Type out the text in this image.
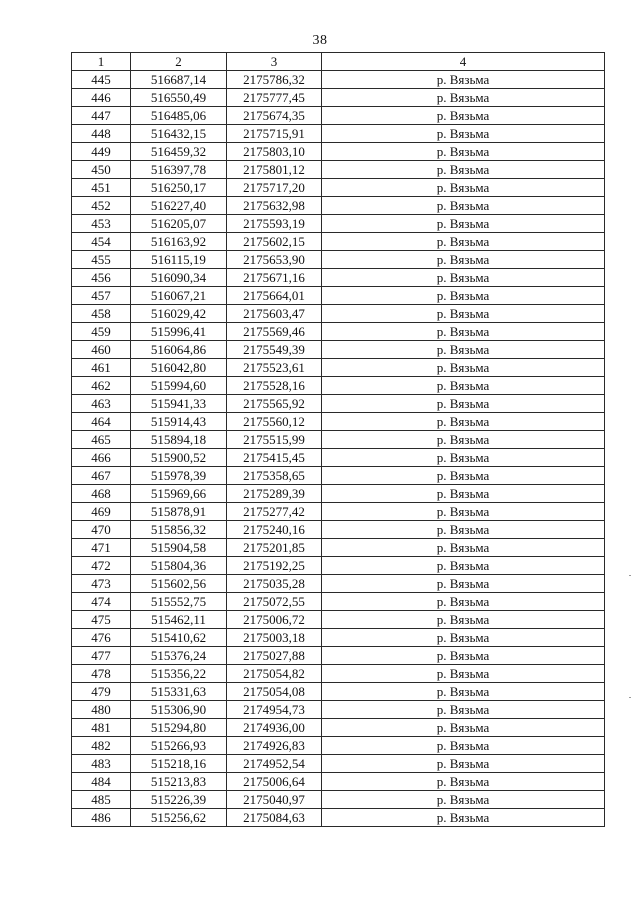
38
1	2	3	4
445	516687,14	2175786,32	р. Вязьма
446	516550,49	2175777,45	р. Вязьма
447	516485,06	2175674,35	р. Вязьма
448	516432,15	2175715,91	р. Вязьма
449	516459,32	2175803,10	р. Вязьма
450	516397,78	2175801,12	р. Вязьма
451	516250,17	2175717,20	р. Вязьма
452	516227,40	2175632,98	р. Вязьма
453	516205,07	2175593,19	р. Вязьма
454	516163,92	2175602,15	р. Вязьма
455	516115,19	2175653,90	р. Вязьма
456	516090,34	2175671,16	р. Вязьма
457	516067,21	2175664,01	р. Вязьма
458	516029,42	2175603,47	р. Вязьма
459	515996,41	2175569,46	р. Вязьма
460	516064,86	2175549,39	р. Вязьма
461	516042,80	2175523,61	р. Вязьма
462	515994,60	2175528,16	р. Вязьма
463	515941,33	2175565,92	р. Вязьма
464	515914,43	2175560,12	р. Вязьма
465	515894,18	2175515,99	р. Вязьма
466	515900,52	2175415,45	р. Вязьма
467	515978,39	2175358,65	р. Вязьма
468	515969,66	2175289,39	р. Вязьма
469	515878,91	2175277,42	р. Вязьма
470	515856,32	2175240,16	р. Вязьма
471	515904,58	2175201,85	р. Вязьма
472	515804,36	2175192,25	р. Вязьма
473	515602,56	2175035,28	р. Вязьма
474	515552,75	2175072,55	р. Вязьма
475	515462,11	2175006,72	р. Вязьма
476	515410,62	2175003,18	р. Вязьма
477	515376,24	2175027,88	р. Вязьма
478	515356,22	2175054,82	р. Вязьма
479	515331,63	2175054,08	р. Вязьма
480	515306,90	2174954,73	р. Вязьма
481	515294,80	2174936,00	р. Вязьма
482	515266,93	2174926,83	р. Вязьма
483	515218,16	2174952,54	р. Вязьма
484	515213,83	2175006,64	р. Вязьма
485	515226,39	2175040,97	р. Вязьма
486	515256,62	2175084,63	р. Вязьма
